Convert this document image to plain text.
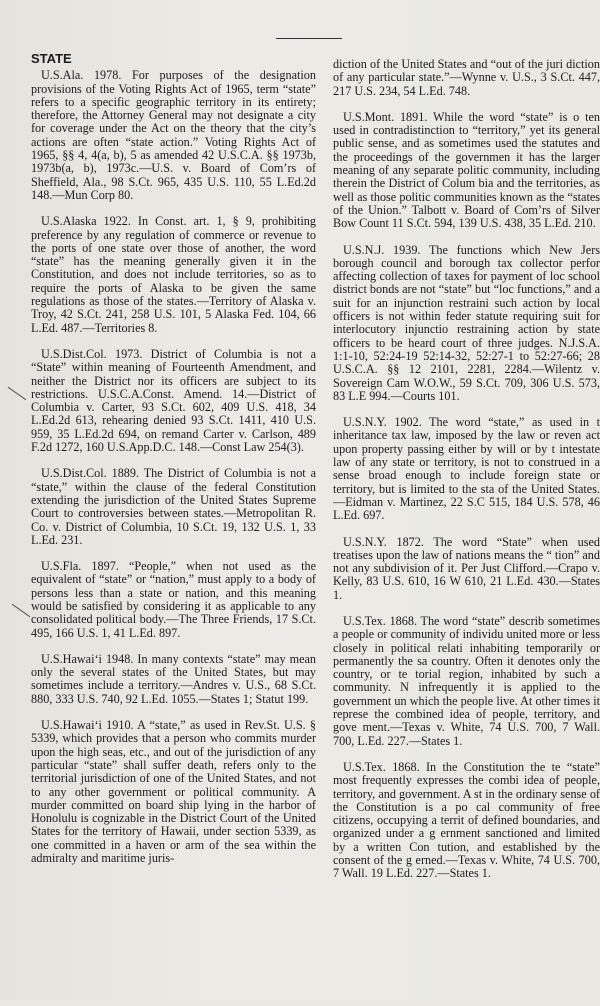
STATE

U.S.Ala. 1978. For purposes of the designation provisions of the Voting Rights Act of 1965, term “state” refers to a specific geographic territory in its entirety; therefore, the Attorney General may not designate a city for coverage under the Act on the theory that the city’s actions are often “state action.” Voting Rights Act of 1965, §§ 4, 4(a, b), 5 as amended 42 U.S.C.A. §§ 1973b, 1973b(a, b), 1973c.—U.S. v. Board of Com’rs of Sheffield, Ala., 98 S.Ct. 965, 435 U.S. 110, 55 L.Ed.2d 148.—Mun Corp 80.

U.S.Alaska 1922. In Const. art. 1, § 9, prohibiting preference by any regulation of commerce or revenue to the ports of one state over those of another, the word “state” has the meaning generally given it in the Constitution, and does not include territories, so as to require the ports of Alaska to be given the same regulations as those of the states.—Territory of Alaska v. Troy, 42 S.Ct. 241, 258 U.S. 101, 5 Alaska Fed. 104, 66 L.Ed. 487.—Territories 8.

U.S.Dist.Col. 1973. District of Columbia is not a “State” within meaning of Fourteenth Amendment, and neither the District nor its officers are subject to its restrictions. U.S.C.A.Const. Amend. 14.—District of Columbia v. Carter, 93 S.Ct. 602, 409 U.S. 418, 34 L.Ed.2d 613, rehearing denied 93 S.Ct. 1411, 410 U.S. 959, 35 L.Ed.2d 694, on remand Carter v. Carlson, 489 F.2d 1272, 160 U.S.App.D.C. 148.—Const Law 254(3).

U.S.Dist.Col. 1889. The District of Columbia is not a “state,” within the clause of the federal Constitution extending the jurisdiction of the United States Supreme Court to controversies between states.—Metropolitan R. Co. v. District of Columbia, 10 S.Ct. 19, 132 U.S. 1, 33 L.Ed. 231.

U.S.Fla. 1897. “People,” when not used as the equivalent of “state” or “nation,” must apply to a body of persons less than a state or nation, and this meaning would be satisfied by considering it as applicable to any consolidated political body.—The Three Friends, 17 S.Ct. 495, 166 U.S. 1, 41 L.Ed. 897.

U.S.Hawai‘i 1948. In many contexts “state” may mean only the several states of the United States, but may sometimes include a territory.—Andres v. U.S., 68 S.Ct. 880, 333 U.S. 740, 92 L.Ed. 1055.—States 1; Statut 199.

U.S.Hawai‘i 1910. A “state,” as used in Rev.St. U.S. § 5339, which provides that a person who commits murder upon the high seas, etc., and out of the jurisdiction of any particular “state” shall suffer death, refers only to the territorial jurisdiction of one of the United States, and not to any other government or political community. A murder committed on board ship lying in the harbor of Honolulu is cognizable in the District Court of the United States for the territory of Hawaii, under section 5339, as one committed in a haven or arm of the sea within the admiralty and maritime juris-

diction of the United States and “out of the juri diction of any particular state.”—Wynne v. U.S., 3 S.Ct. 447, 217 U.S. 234, 54 L.Ed. 748.

U.S.Mont. 1891. While the word “state” is o ten used in contradistinction to “territory,” yet its general public sense, and as sometimes used the statutes and the proceedings of the governmen it has the larger meaning of any separate politic community, including therein the District of Colum bia and the territories, as well as those politic communities known as the “states of the Union.” Talbott v. Board of Com’rs of Silver Bow Count 11 S.Ct. 594, 139 U.S. 438, 35 L.Ed. 210.

U.S.N.J. 1939. The functions which New Jers borough council and borough tax collector perfor affecting collection of taxes for payment of loc school district bonds are not “state” but “loc functions,” and a suit for an injunction restraini such action by local officers is not within feder statute requiring suit for interlocutory injunctio restraining action by state officers to be heard court of three judges. N.J.S.A. 1:1-10, 52:24-19 52:14-32, 52:27-1 to 52:27-66; 28 U.S.C.A. §§ 12 2101, 2281, 2284.—Wilentz v. Sovereign Cam W.O.W., 59 S.Ct. 709, 306 U.S. 573, 83 L.E 994.—Courts 101.

U.S.N.Y. 1902. The word “state,” as used in t inheritance tax law, imposed by the law or reven act upon property passing either by will or by t intestate law of any state or territory, is not to construed in a sense broad enough to include foreign state or territory, but is limited to the sta of the United States.—Eidman v. Martinez, 22 S.C 515, 184 U.S. 578, 46 L.Ed. 697.

U.S.N.Y. 1872. The word “State” when used treatises upon the law of nations means the “ tion” and not any subdivision of it. Per Just Clifford.—Crapo v. Kelly, 83 U.S. 610, 16 W 610, 21 L.Ed. 430.—States 1.

U.S.Tex. 1868. The word “state” describ sometimes a people or community of individu united more or less closely in political relati inhabiting temporarily or permanently the sa country. Often it denotes only the country, or te torial region, inhabited by such a community. N infrequently it is applied to the government un which the people live. At other times it represe the combined idea of people, territory, and gove ment.—Texas v. White, 74 U.S. 700, 7 Wall. 700, L.Ed. 227.—States 1.

U.S.Tex. 1868. In the Constitution the te “state” most frequently expresses the combi idea of people, territory, and government. A st in the ordinary sense of the Constitution is a po cal community of free citizens, occupying a territ of defined boundaries, and organized under a g ernment sanctioned and limited by a written Con tution, and established by the consent of the g erned.—Texas v. White, 74 U.S. 700, 7 Wall. 19 L.Ed. 227.—States 1.
